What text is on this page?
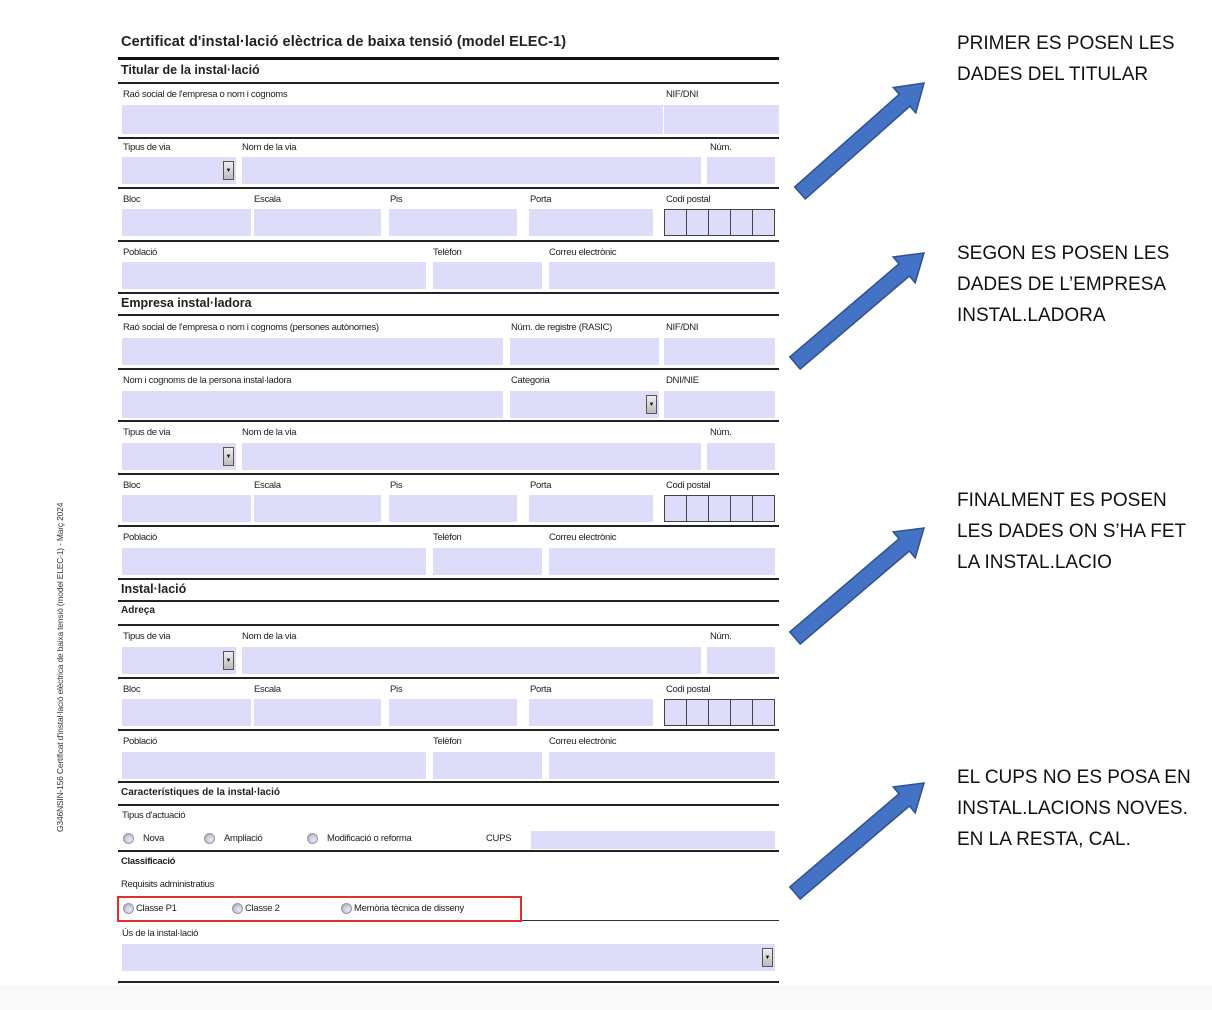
G346NSIN-156 Certificat d'instal·lació elèctrica de baixa tensió (model ELEC-1) - Març 2024
Certificat d'instal·lació elèctrica de baixa tensió (model ELEC-1)
Titular de la instal·lació
Raó social de l'empresa o nom i cognoms	NIF/DNI
Tipus de via	Nom de la via	Núm.
▼
Bloc	Escala	Pis	Porta	Codi postal
Població	Telèfon	Correu electrònic
Empresa instal·ladora
Raó social de l'empresa o nom i cognoms (persones autònomes)	Núm. de registre (RASIC)	NIF/DNI
Nom i cognoms de la persona instal·ladora	Categoria	DNI/NIE
▼
Tipus de via	Nom de la via	Núm.
▼
Bloc	Escala	Pis	Porta	Codi postal
Població	Telèfon	Correu electrònic
Instal·lació
Adreça
Tipus de via	Nom de la via	Núm.
▼
Bloc	Escala	Pis	Porta	Codi postal
Població	Telèfon	Correu electrònic
Característiques de la instal·lació
Tipus d'actuació
Nova	Ampliació	Modificació o reforma	CUPS
Classificació
Requisits administratius
Classe P1	Classe 2	Memòria tècnica de disseny
Ús de la instal·lació
▼
PRIMER ES POSEN LES DADES DEL TITULAR
SEGON ES POSEN LES DADES DE L’EMPRESA INSTAL.LADORA
FINALMENT ES POSEN LES DADES ON S’HA FET LA INSTAL.LACIO
EL CUPS NO ES POSA EN INSTAL.LACIONS NOVES. EN LA RESTA, CAL.
